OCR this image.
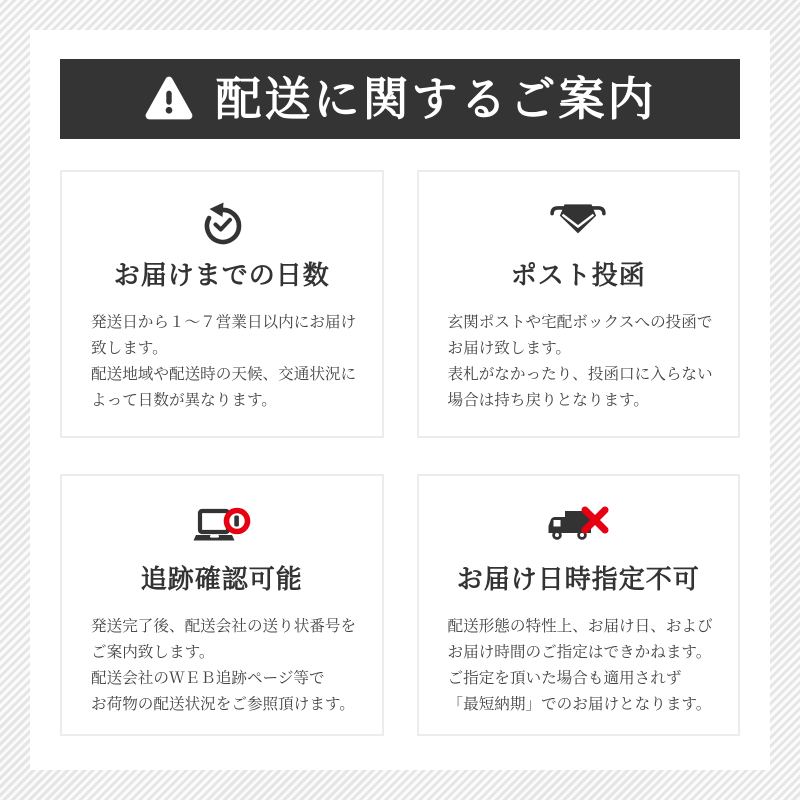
配送に関するご案内
お届けまでの日数
発送日から１～７営業日以内にお届け
致します。
配送地域や配送時の天候、交通状況に
よって日数が異なります。
ポスト投函
玄関ポストや宅配ボックスへの投函で
お届け致します。
表札がなかったり、投函口に入らない
場合は持ち戻りとなります。
追跡確認可能
発送完了後、配送会社の送り状番号を
ご案内致します。
配送会社のＷＥＢ追跡ページ等で
お荷物の配送状況をご参照頂けます。
お届け日時指定不可
配送形態の特性上、お届け日、および
お届け時間のご指定はできかねます。
ご指定を頂いた場合も適用されず
「最短納期」でのお届けとなります。
